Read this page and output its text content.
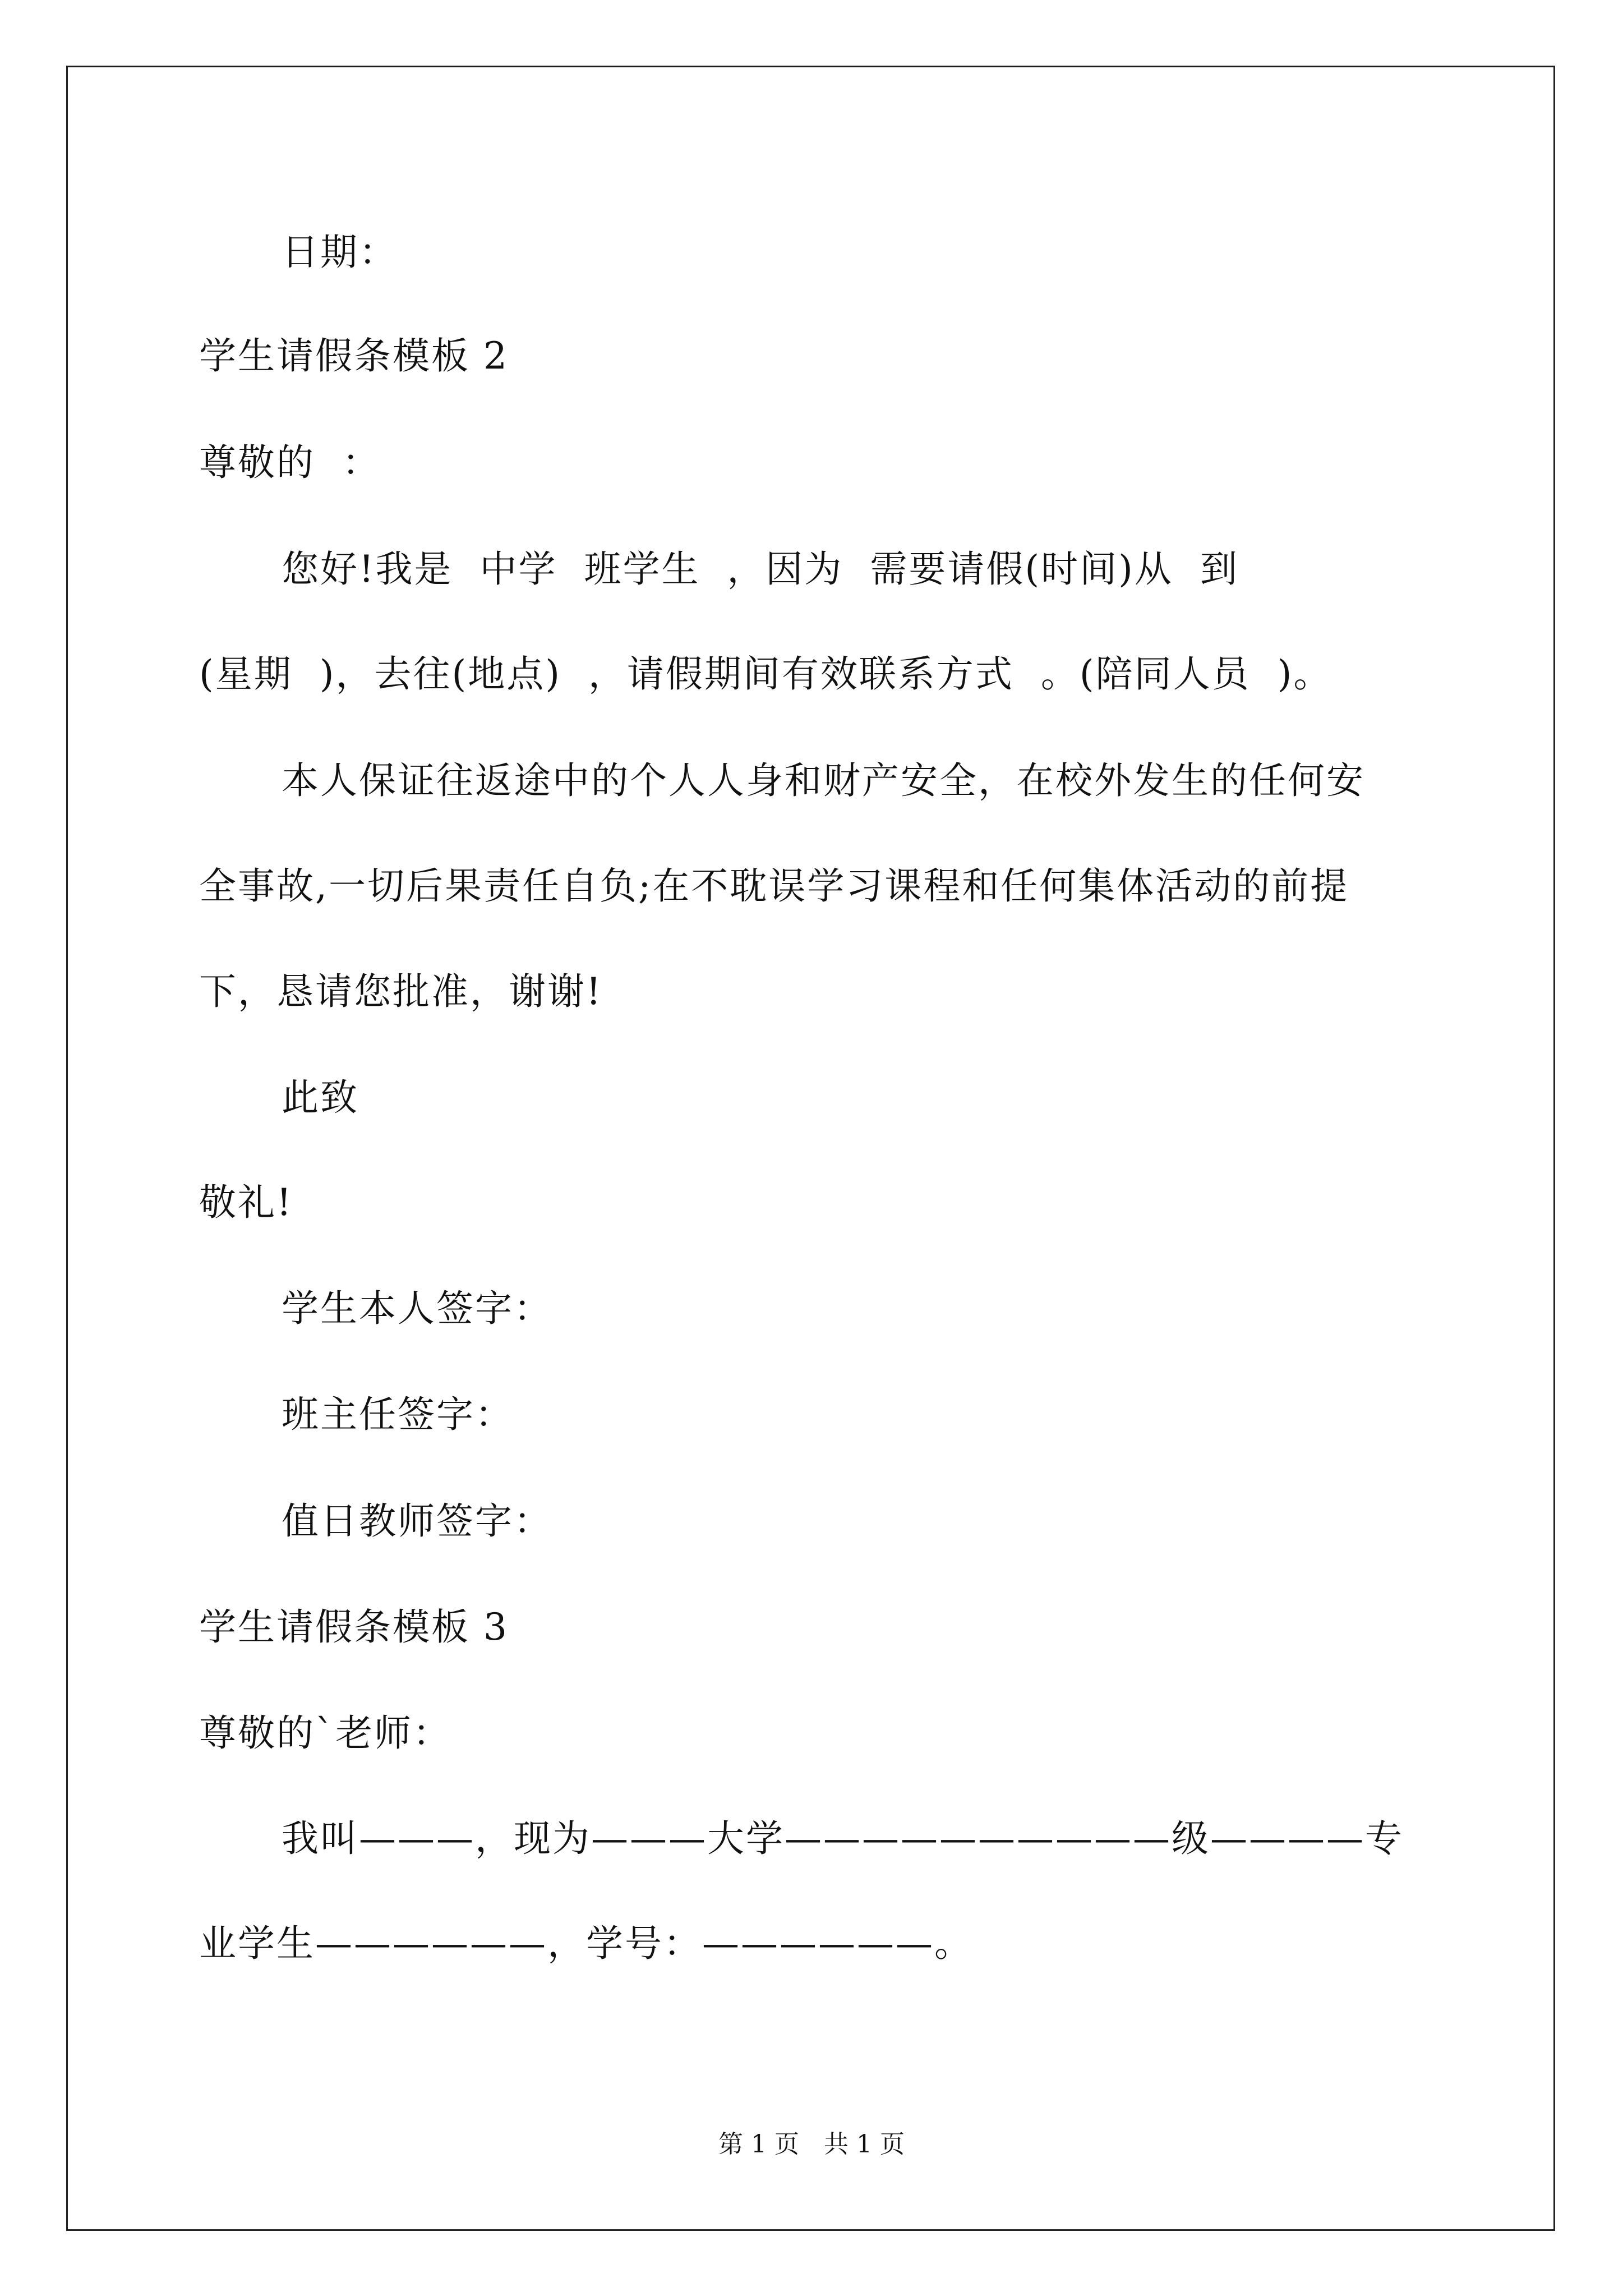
日期：
学生请假条模板 2
尊敬的  ：
您好!我是  中学  班学生  ，因为  需要请假(时间)从  到
(星期  )，去往(地点)  ，请假期间有效联系方式  。(陪同人员  )。
本人保证往返途中的个人人身和财产安全，在校外发生的任何安
全事故,一切后果责任自负;在不耽误学习课程和任何集体活动的前提
下，恳请您批准，谢谢!
此致
敬礼!
学生本人签字：
班主任签字：
值日教师签字：
学生请假条模板 3
尊敬的`老师：
我叫———，现为———大学——————————级————专
业学生——————，学号：——————。
第 1 页　共 1 页
